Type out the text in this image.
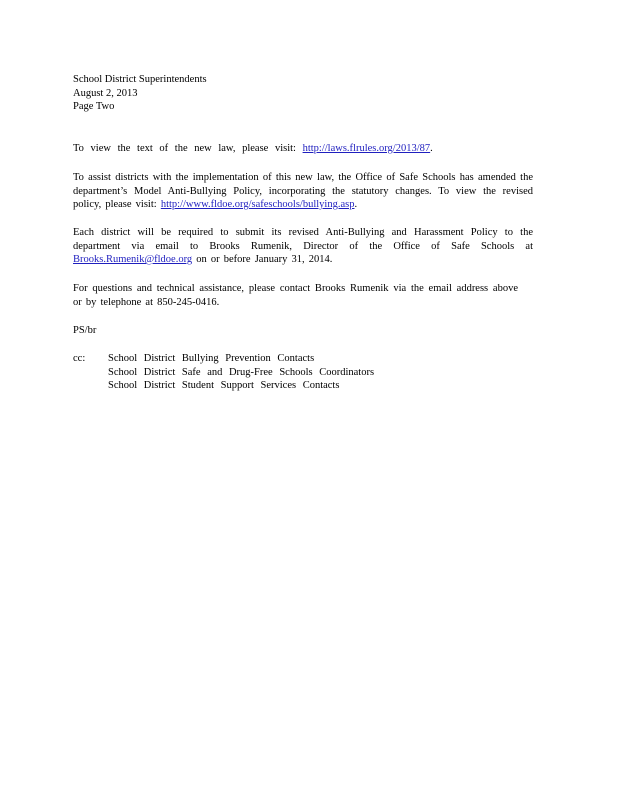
School District Superintendents
August 2, 2013
Page Two

To view the text of the new law, please visit: http://laws.flrules.org/2013/87.

To assist districts with the implementation of this new law, the Office of Safe Schools has amended the department’s Model Anti-Bullying Policy, incorporating the statutory changes. To view the revised policy, please visit: http://www.fldoe.org/safeschools/bullying.asp.

Each district will be required to submit its revised Anti-Bullying and Harassment Policy to the department via email to Brooks Rumenik, Director of the Office of Safe Schools at Brooks.Rumenik@fldoe.org on or before January 31, 2014.

For questions and technical assistance, please contact Brooks Rumenik via the email address above or by telephone at 850-245-0416.

PS/br

cc: School District Bullying Prevention Contacts
School District Safe and Drug-Free Schools Coordinators
School District Student Support Services Contacts
